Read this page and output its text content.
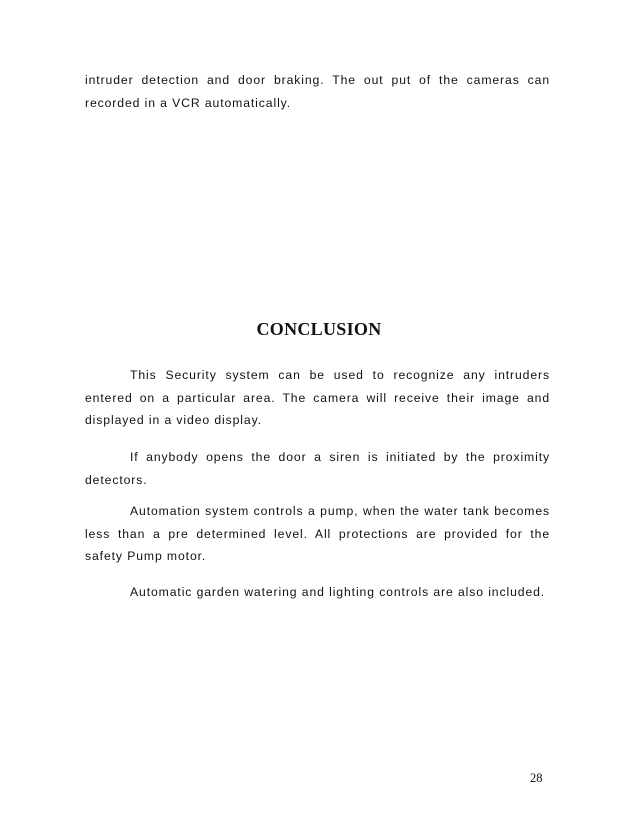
intruder detection and door braking. The out put of the cameras can recorded in a VCR automatically.

CONCLUSION

This Security system can be used to recognize any intruders entered on a particular area. The camera will receive their image and displayed in a video display.

If anybody opens the door a siren is initiated by the proximity detectors.

Automation system controls a pump, when the water tank becomes less than a pre determined level. All protections are provided for the safety Pump motor.

Automatic garden watering and lighting controls are also included.

28
